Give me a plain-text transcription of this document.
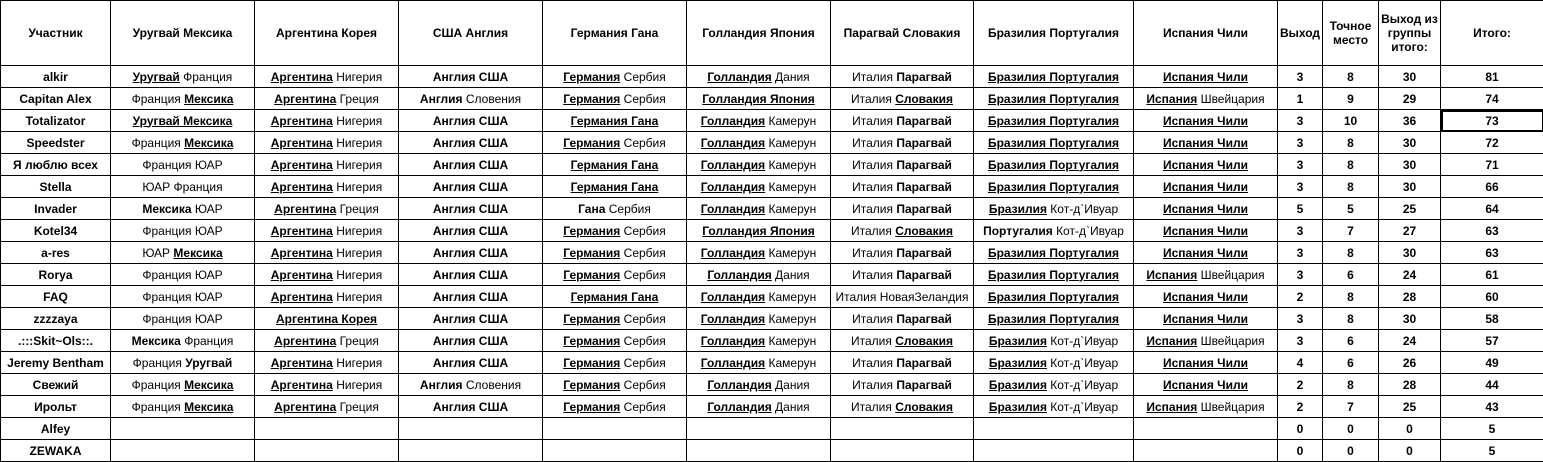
Участник	Уругвай Мексика	Аргентина Корея	США Англия	Германия Гана	Голландия Япония	Парагвай Словакия	Бразилия Португалия	Испания Чили	Выход	Точное место	Выход из группы итого:	Итого:
alkir	Уругвай Франция	Аргентина Нигерия	Англия США	Германия Сербия	Голландия Дания	Италия Парагвай	Бразилия Португалия	Испания Чили	3	8	30	81
Capitan Alex	Франция Мексика	Аргентина Греция	Англия Словения	Германия Сербия	Голландия Япония	Италия Словакия	Бразилия Португалия	Испания Швейцария	1	9	29	74
Totalizator	Уругвай Мексика	Аргентина Нигерия	Англия США	Германия Гана	Голландия Камерун	Италия Парагвай	Бразилия Португалия	Испания Чили	3	10	36	73
Speedster	Франция Мексика	Аргентина Нигерия	Англия США	Германия Сербия	Голландия Камерун	Италия Парагвай	Бразилия Португалия	Испания Чили	3	8	30	72
Я люблю всех	Франция ЮАР	Аргентина Нигерия	Англия США	Германия Гана	Голландия Камерун	Италия Парагвай	Бразилия Португалия	Испания Чили	3	8	30	71
Stella	ЮАР Франция	Аргентина Нигерия	Англия США	Германия Гана	Голландия Камерун	Италия Парагвай	Бразилия Португалия	Испания Чили	3	8	30	66
Invader	Мексика ЮАР	Аргентина Греция	Англия США	Гана Сербия	Голландия Камерун	Италия Парагвай	Бразилия Кот-д`Ивуар	Испания Чили	5	5	25	64
Kotel34	Франция ЮАР	Аргентина Нигерия	Англия США	Германия Сербия	Голландия Япония	Италия Словакия	Португалия Кот-д`Ивуар	Испания Чили	3	7	27	63
a-res	ЮАР Мексика	Аргентина Нигерия	Англия США	Германия Сербия	Голландия Камерун	Италия Парагвай	Бразилия Португалия	Испания Чили	3	8	30	63
Rorya	Франция ЮАР	Аргентина Нигерия	Англия США	Германия Сербия	Голландия Дания	Италия Парагвай	Бразилия Португалия	Испания Швейцария	3	6	24	61
FAQ	Франция ЮАР	Аргентина Нигерия	Англия США	Германия Гана	Голландия Камерун	Италия НоваяЗеландия	Бразилия Португалия	Испания Чили	2	8	28	60
zzzzaya	Франция ЮАР	Аргентина Корея	Англия США	Германия Сербия	Голландия Камерун	Италия Парагвай	Бразилия Португалия	Испания Чили	3	8	30	58
.:::Skit~Ols::.	Мексика Франция	Аргентина Греция	Англия США	Германия Сербия	Голландия Камерун	Италия Словакия	Бразилия Кот-д`Ивуар	Испания Швейцария	3	6	24	57
Jeremy Bentham	Франция Уругвай	Аргентина Нигерия	Англия США	Германия Сербия	Голландия Камерун	Италия Парагвай	Бразилия Кот-д`Ивуар	Испания Чили	4	6	26	49
Свежий	Франция Мексика	Аргентина Нигерия	Англия Словения	Германия Сербия	Голландия Дания	Италия Парагвай	Бразилия Кот-д`Ивуар	Испания Чили	2	8	28	44
Ирольт	Франция Мексика	Аргентина Греция	Англия США	Германия Сербия	Голландия Дания	Италия Словакия	Бразилия Кот-д`Ивуар	Испания Швейцария	2	7	25	43
Alfey									0	0	0	5
ZEWAKA									0	0	0	5
